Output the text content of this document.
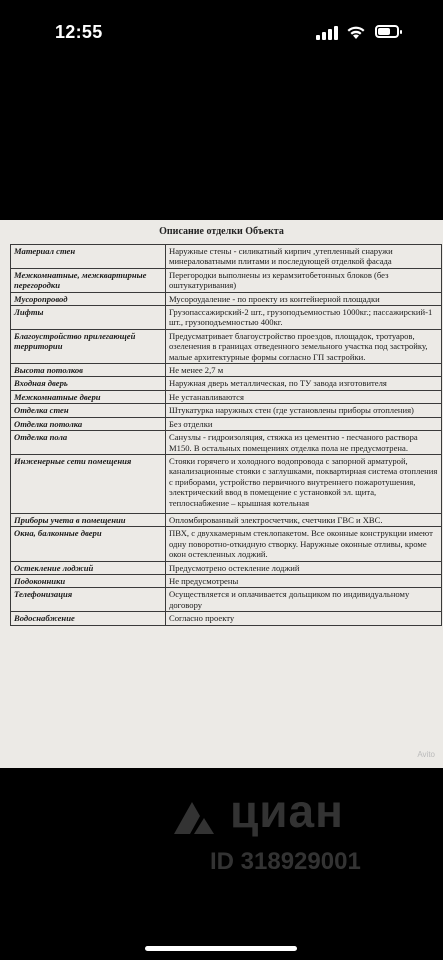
12:55
Описание отделки Объекта
Материал стен	Наружные стены - силикатный кирпич ,утепленный снаружи минераловатными плитами и последующей отделкой фасада
Межкомнатные, межквартирные перегородки	Перегородки выполнены из керамзитобетонных блоков (без оштукатуривания)
Мусоропровод	Мусороудаление - по проекту из контейнерной площадки
Лифты	Грузопассажирский-2 шт., грузоподъемностью 1000кг.; пассажирский-1 шт., грузоподъемностью 400кг.
Благоустройство прилегающей территории	Предусматривает благоустройство проездов, площадок, тротуаров, озеленения в границах отведенного земельного участка под застройку, малые архитектурные формы согласно ГП застройки.
Высота потолков	Не менее 2,7 м
Входная дверь	Наружная дверь металлическая, по ТУ завода изготовителя
Межкомнатные двери	Не устанавливаются
Отделка стен	Штукатурка наружных стен (где установлены приборы отопления)
Отделка потолка	Без отделки
Отделка пола	Санузлы - гидроизоляция, стяжка из цементно - песчаного раствора М150. В остальных помещениях отделка пола не предусмотрена.
Инженерные сети помещения	Стояки горячего и холодного водопровода с запорной арматурой, канализационные стояки с заглушками, поквартирная система отопления с приборами, устройство первичного внутреннего пожаротушения, электрический ввод в помещение с установкой эл. щита, теплоснабжение – крышная котельная
Приборы учета в помещении	Опломбированный электросчетчик, счетчики ГВС и ХВС.
Окна, балконные двери	ПВХ, с двухкамерным стеклопакетом. Все оконные конструкции имеют одну поворотно-откидную створку. Наружные оконные отливы, кроме окон остекленных лоджий.
Остекление лоджий	Предусмотрено остекление лоджий
Подоконники	Не предусмотрены
Телефонизация	Осуществляется и оплачивается дольщиком по индивидуальному договору
Водоснабжение	Согласно проекту
Avito
циан
ID 318929001
